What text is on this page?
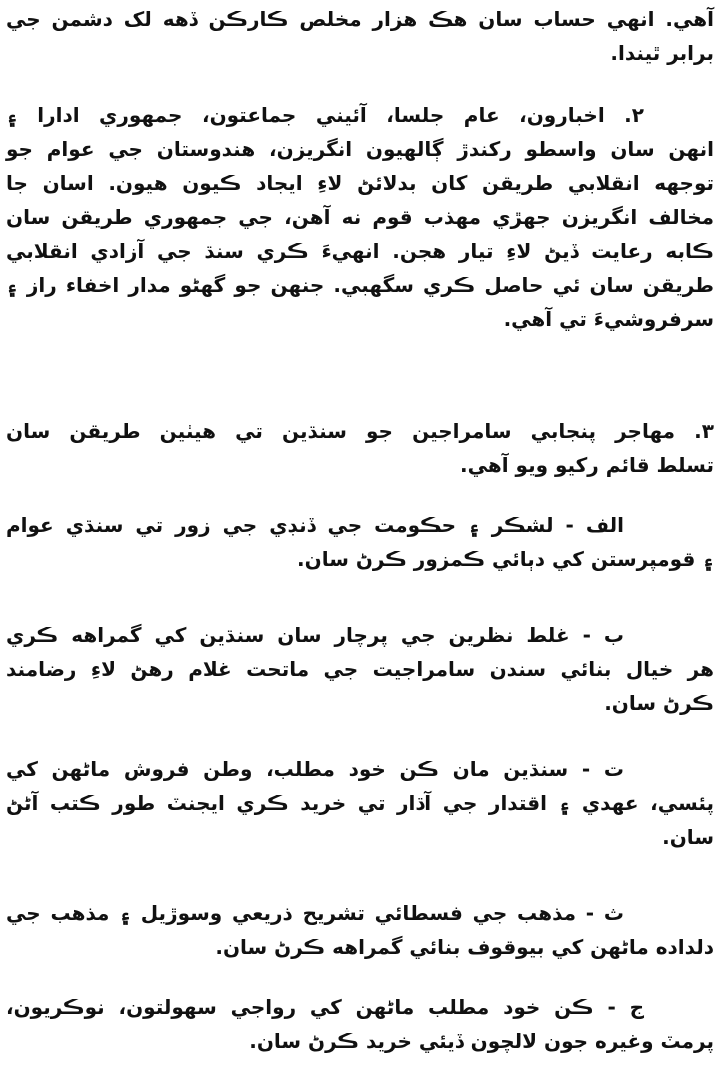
آهي. انهي حساب سان هڪ هزار مخلص ڪارڪن ڏهه لک دشمن جي
برابر ٿيندا.
٢. اخبارون، عام جلسا، آئيني جماعتون، جمهوري ادارا ۽
انهن سان واسطو رکندڙ ڳالهيون انگريزن، هندوستان جي عوام جو
توجهه انقلابي طريقن کان بدلائڻ لاءِ ايجاد ڪيون هيون. اسان جا
مخالف انگريزن جهڙي مهذب قوم نه آهن، جي جمهوري طريقن سان
ڪابه رعايت ڏيڻ لاءِ تيار هجن. انهيءَ ڪري سنڌ جي آزادي انقلابي
طريقن سان ئي حاصل ڪري سگهبي. جنهن جو گهڻو مدار اخفاء راز ۽
سرفروشيءَ تي آهي.
٣. مهاجر پنجابي سامراجين جو سنڌين تي هيٺين طريقن سان
تسلط قائم رکيو ويو آهي.
الف - لشڪر ۽ حڪومت جي ڏنڊي جي زور تي سنڌي عوام
۽ قومپرستن کي دٻائي ڪمزور ڪرڻ سان.
ب - غلط نظرين جي پرچار سان سنڌين کي گمراهه ڪري
هر خيال بنائي سندن سامراجيت جي ماتحت غلام رهڻ لاءِ رضامند
ڪرڻ سان.
ت - سنڌين مان ڪن خود مطلب، وطن فروش ماڻهن کي
پئسي، عهدي ۽ اقتدار جي آڌار تي خريد ڪري ايجنٽ طور ڪتب آڻڻ
سان.
ث - مذهب جي فسطائي تشريح ذريعي وسوڙيل ۽ مذهب جي
دلداده ماڻهن کي بيوقوف بنائي گمراهه ڪرڻ سان.
ج - ڪن خود مطلب ماڻهن کي رواجي سهولتون، نوڪريون،
پرمٽ وغيره جون لالچون ڏيئي خريد ڪرڻ سان.
